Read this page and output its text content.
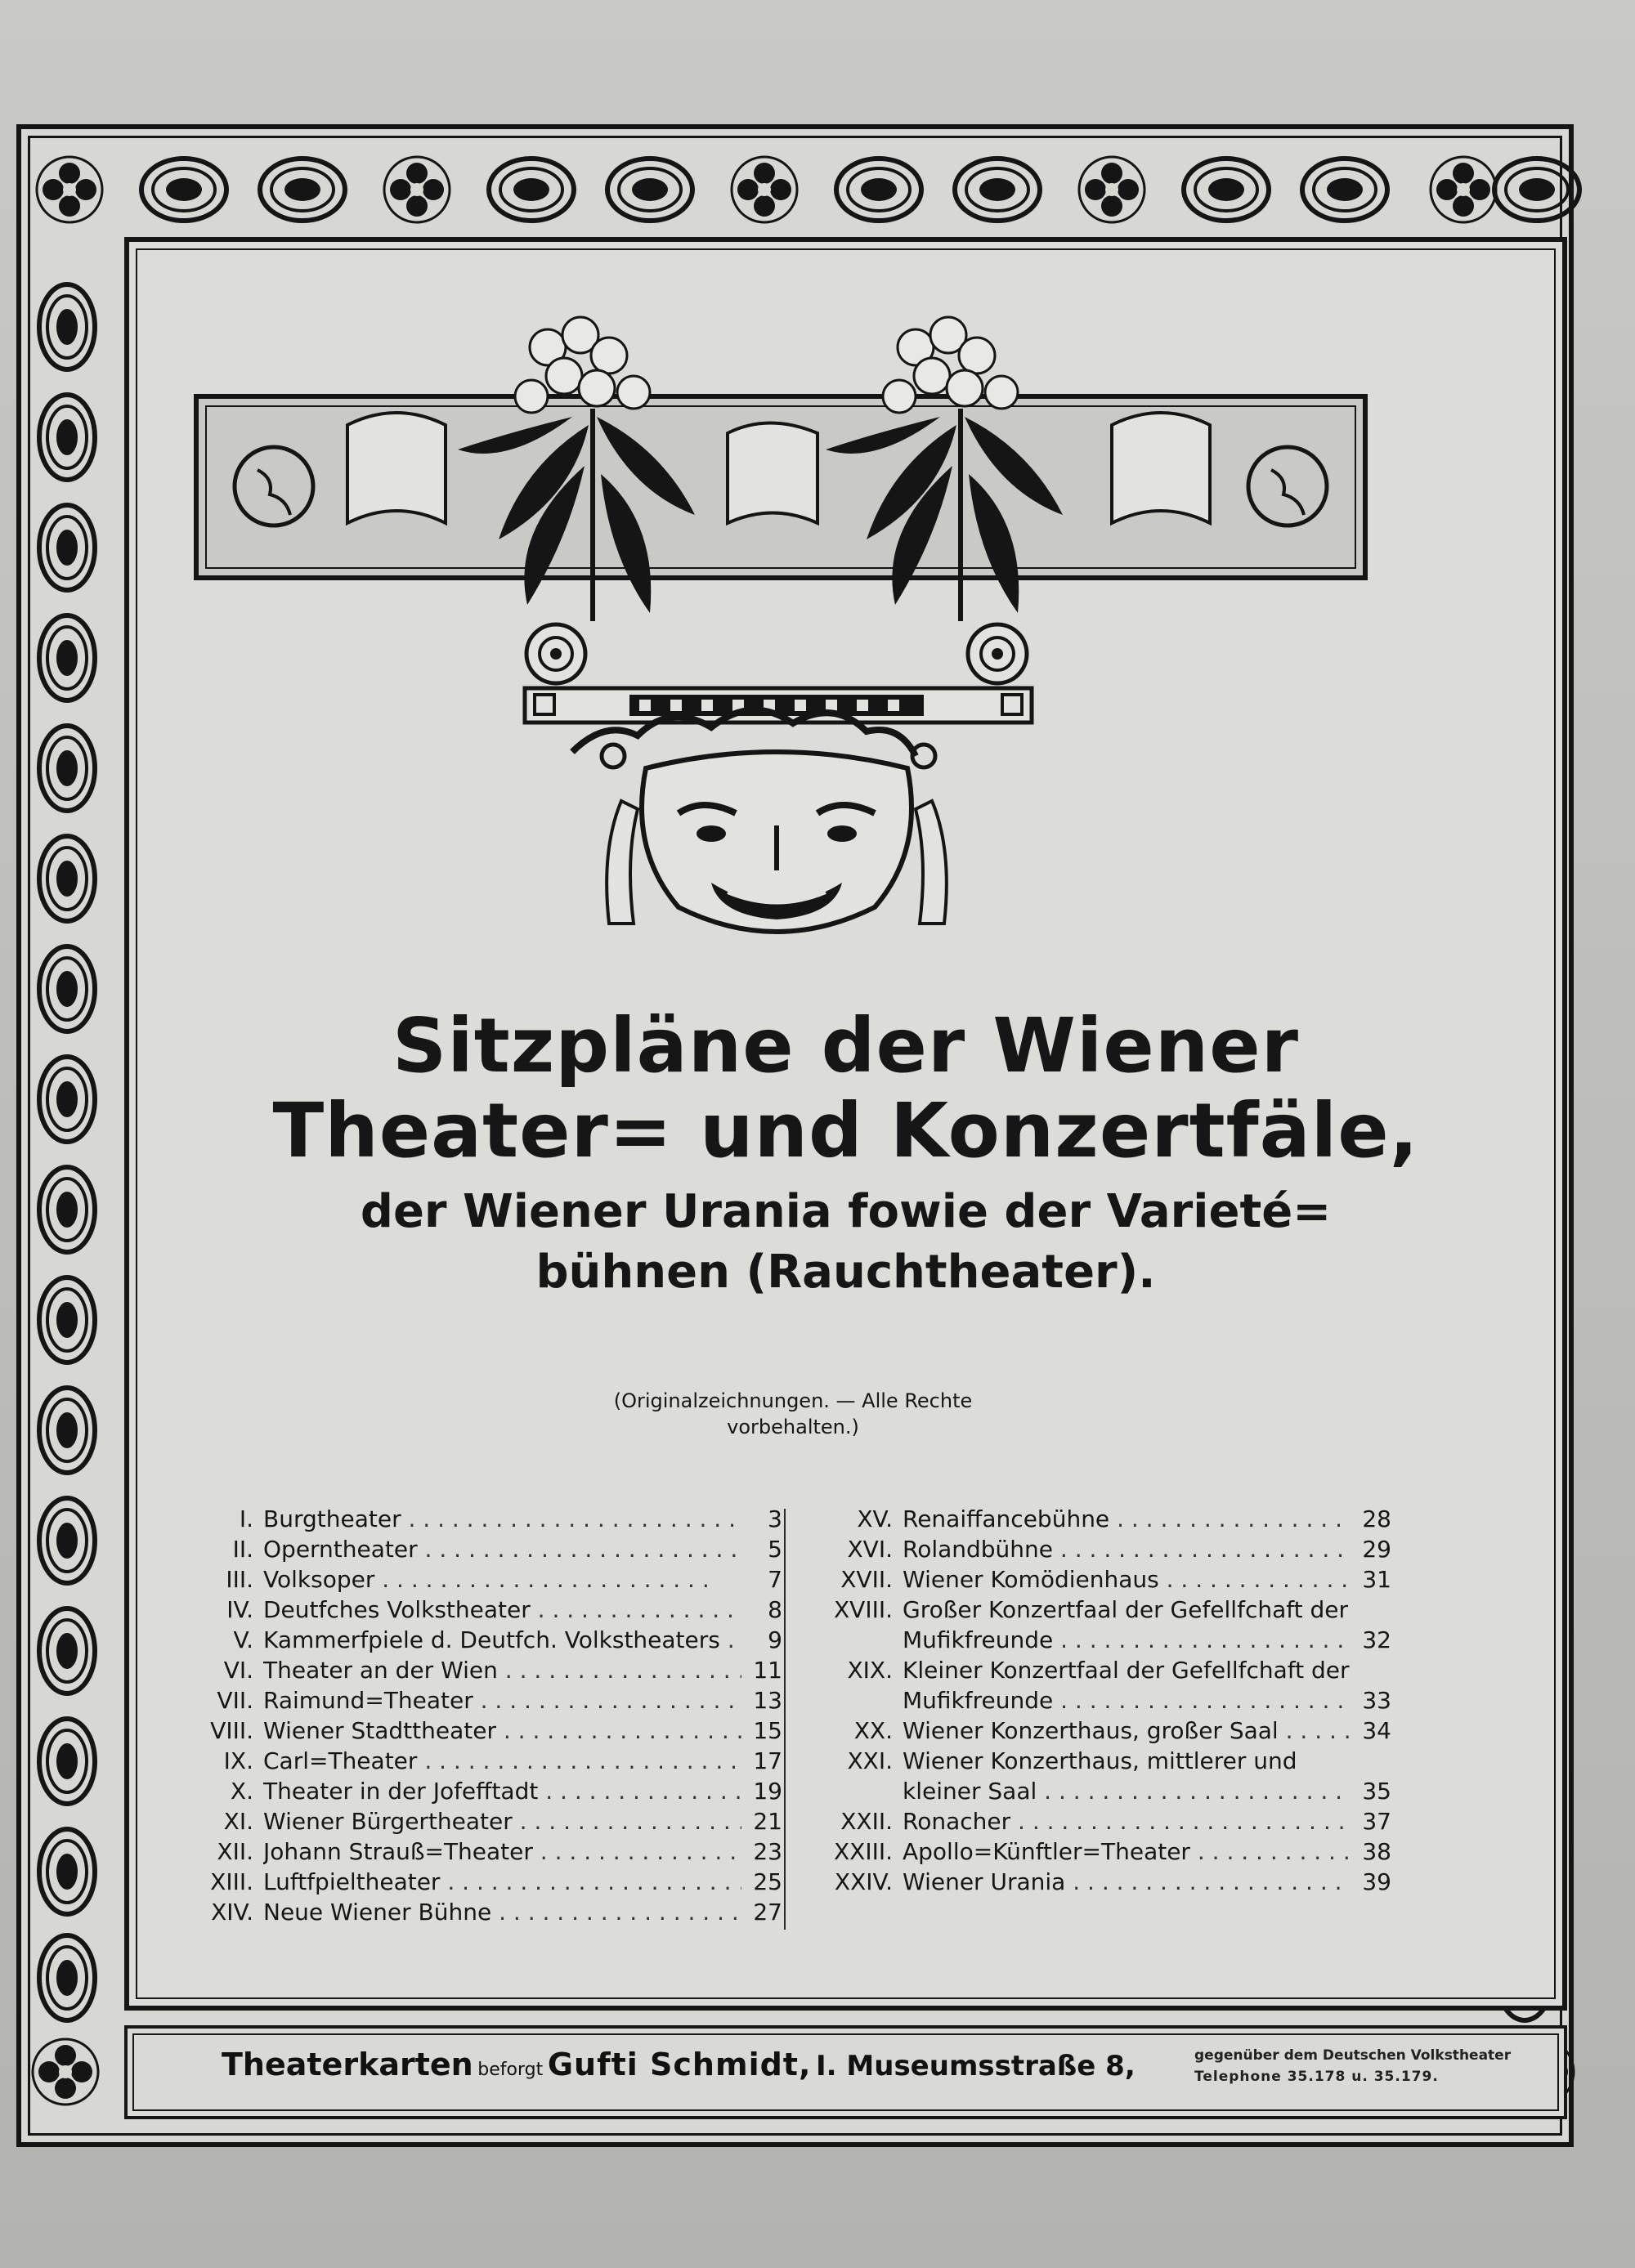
Sitzpläne der Wiener
Theater= und Konzertfäle,
der Wiener Urania fowie der Varieté=
bühnen (Rauchtheater).
(Originalzeichnungen. — Alle Rechte
vorbehalten.)
I. Burgtheater . .	3
II. Operntheater . .	5
III. Volksoper . .	7
IV. Deutfches Volkstheater . .	8
V. Kammerfpiele d. Deutfch. Volkstheaters . .	9
VI. Theater an der Wien . .	11
VII. Raimund=Theater . .	13
VIII. Wiener Stadttheater . .	15
IX. Carl=Theater . .	17
X. Theater in der Jofefftadt . .	19
XI. Wiener Bürgertheater . .	21
XII. Johann Strauß=Theater . .	23
XIII. Luftfpieltheater . .	25
XIV. Neue Wiener Bühne . .	27
XV. Renaiffancebühne . .	28
XVI. Rolandbühne . .	29
XVII. Wiener Komödienhaus . .	31
XVIII. Großer Konzertfaal der Gefellfchaft der
Mufikfreunde . .	32
XIX. Kleiner Konzertfaal der Gefellfchaft der
Mufikfreunde . .	33
XX. Wiener Konzerthaus, großer Saal . .	34
XXI. Wiener Konzerthaus, mittlerer und
kleiner Saal . .	35
XXII. Ronacher . .	37
XXIII. Apollo=Künftler=Theater . .	38
XXIV. Wiener Urania . .	39
Theaterkarten beforgt Gufti Schmidt, I. Museumsstraße 8,	gegenüber dem Deutschen Volkstheater
Telephone 35.178 u. 35.179.
